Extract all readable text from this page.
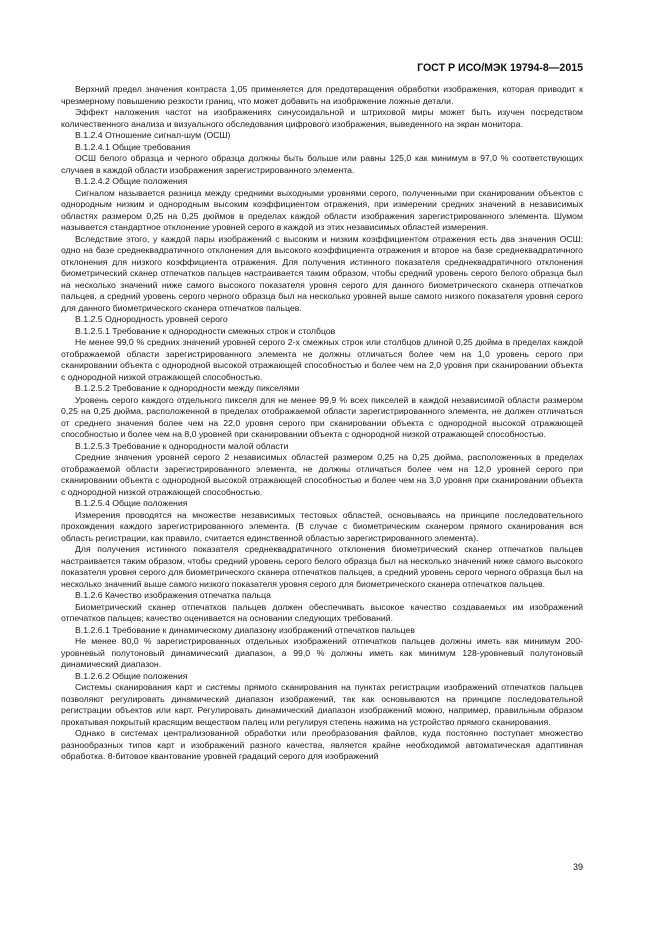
ГОСТ Р ИСО/МЭК 19794-8—2015

Верхний предел значения контраста 1,05 применяется для предотвращения обработки изображения, которая приводит к чрезмерному повышению резкости границ, что может добавить на изображение ложные детали.

Эффект наложения частот на изображениях синусоидальной и штриховой миры может быть изучен посредством количественного анализа и визуального обследования цифрового изображения, выведенного на экран монитора.

В.1.2.4 Отношение сигнал-шум (ОСШ)

В.1.2.4.1 Общие требования

ОСШ белого образца и черного образца должны быть больше или равны 125,0 как минимум в 97,0 % соответствующих случаев в каждой области изображения зарегистрированного элемента.

В.1.2.4.2 Общие положения

Сигналом называется разница между средними выходными уровнями серого, полученными при сканировании объектов с однородным низким и однородным высоким коэффициентом отражения, при измерении средних значений в независимых областях размером 0,25 на 0,25 дюймов в пределах каждой области изображения зарегистрированного элемента. Шумом называется стандартное отклонение уровней серого в каждой из этих независимых областей измерения.

Вследствие этого, у каждой пары изображений с высоким и низким коэффициентом отражения есть два значения ОСШ: одно на базе среднеквадратичного отклонения для высокого коэффициента отражения и второе на базе среднеквадратичного отклонения для низкого коэффициента отражения. Для получения истинного показателя среднеквадратичного отклонения биометрический сканер отпечатков пальцев настраивается таким образом, чтобы средний уровень серого белого образца был на несколько значений ниже самого высокого показателя уровня серого для данного биометрического сканера отпечатков пальцев, а средний уровень серого черного образца был на несколько уровней выше самого низкого показателя уровня серого для данного биометрического сканера отпечатков пальцев.

В.1.2.5 Однородность уровней серого

В.1.2.5.1 Требование к однородности смежных строк и столбцов

Не менее 99,0 % средних значений уровней серого 2-х смежных строк или столбцов длиной 0,25 дюйма в пределах каждой отображаемой области зарегистрированного элемента не должны отличаться более чем на 1,0 уровень серого при сканировании объекта с однородной высокой отражающей способностью и более чем на 2,0 уровня при сканировании объекта с однородной низкой отражающей способностью.

В.1.2.5.2 Требование к однородности между пикселями

Уровень серого каждого отдельного пикселя для не менее 99,9 % всех пикселей в каждой независимой области размером 0,25 на 0,25 дюйма, расположенной в пределах отображаемой области зарегистрированного элемента, не должен отличаться от среднего значения более чем на 22,0 уровня серого при сканировании объекта с однородной высокой отражающей способностью и более чем на 8,0 уровней при сканировании объекта с однородной низкой отражающей способностью.

В.1.2.5.3 Требование к однородности малой области

Средние значения уровней серого 2 независимых областей размером 0,25 на 0,25 дюйма, расположенных в пределах отображаемой области зарегистрированного элемента, не должны отличаться более чем на 12,0 уровней серого при сканировании объекта с однородной высокой отражающей способностью и более чем на 3,0 уровня при сканировании объекта с однородной низкой отражающей способностью.

В.1.2.5.4 Общие положения

Измерения проводятся на множестве независимых тестовых областей, основываясь на принципе последовательного прохождения каждого зарегистрированного элемента. (В случае с биометрическим сканером прямого сканирования вся область регистрации, как правило, считается единственной областью зарегистрированного элемента).

Для получения истинного показателя среднеквадратичного отклонения биометрический сканер отпечатков пальцев настраивается таким образом, чтобы средний уровень серого белого образца был на несколько значений ниже самого высокого показателя уровня серого для биометрического сканера отпечатков пальцев, а средний уровень серого черного образца был на несколько значений выше самого низкого показателя уровня серого для биометрического сканера отпечатков пальцев.

В.1.2.6 Качество изображения отпечатка пальца

Биометрический сканер отпечатков пальцев должен обеспечивать высокое качество создаваемых им изображений отпечатков пальцев; качество оценивается на основании следующих требований.

В.1.2.6.1 Требование к динамическому диапазону изображений отпечатков пальцев

Не менее 80,0 % зарегистрированных отдельных изображений отпечатков пальцев должны иметь как минимум 200-уровневый полутоновый динамический диапазон, а 99,0 % должны иметь как минимум 128-уровневый полутоновый динамический диапазон.

В.1.2.6.2 Общие положения

Системы сканирования карт и системы прямого сканирования на пунктах регистрации изображений отпечатков пальцев позволяют регулировать динамический диапазон изображений, так как основываются на принципе последовательной регистрации объектов или карт. Регулировать динамический диапазон изображений можно, например, правильным образом прокатывая покрытый красящим веществом палец или регулируя степень нажима на устройство прямого сканирования.

Однако в системах централизованной обработки или преобразования файлов, куда постоянно поступает множество разнообразных типов карт и изображений разного качества, является крайне необходимой автоматическая адаптивная обработка. 8-битовое квантование уровней градаций серого для изображений

39
